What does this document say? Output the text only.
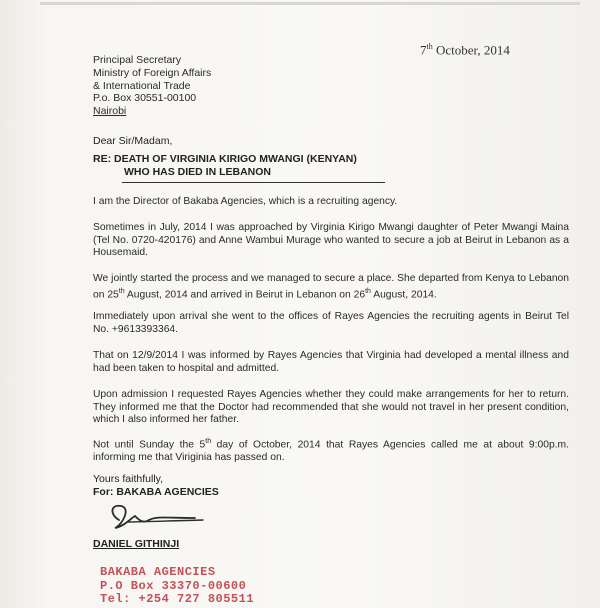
7th October, 2014
Principal Secretary
Ministry of Foreign Affairs
& International Trade
P.o. Box 30551-00100
Nairobi
Dear Sir/Madam,
RE: DEATH OF VIRGINIA KIRIGO MWANGI (KENYAN)
WHO HAS DIED IN LEBANON
I am the Director of Bakaba Agencies, which is a recruiting agency.
Sometimes in July, 2014 I was approached by Virginia Kirigo Mwangi daughter of Peter Mwangi Maina (Tel No. 0720-420176) and Anne Wambui Murage who wanted to secure a job at Beirut in Lebanon as a Housemaid.
We jointly started the process and we managed to secure a place. She departed from Kenya to Lebanon on 25th August, 2014 and arrived in Beirut in Lebanon on 26th August, 2014.
Immediately upon arrival she went to the offices of Rayes Agencies the recruiting agents in Beirut Tel No. +9613393364.
That on 12/9/2014 I was informed by Rayes Agencies that Virginia had developed a mental illness and had been taken to hospital and admitted.
Upon admission I requested Rayes Agencies whether they could make arrangements for her to return. They informed me that the Doctor had recommended that she would not travel in her present condition, which I also informed her father.
Not until Sunday the 5th day of October, 2014 that Rayes Agencies called me at about 9:00p.m. informing me that Viriginia has passed on.
Yours faithfully,
For: BAKABA AGENCIES
DANIEL GITHINJI
BAKABA AGENCIES
P.O Box 33370-00600
Tel: +254 727 805511
